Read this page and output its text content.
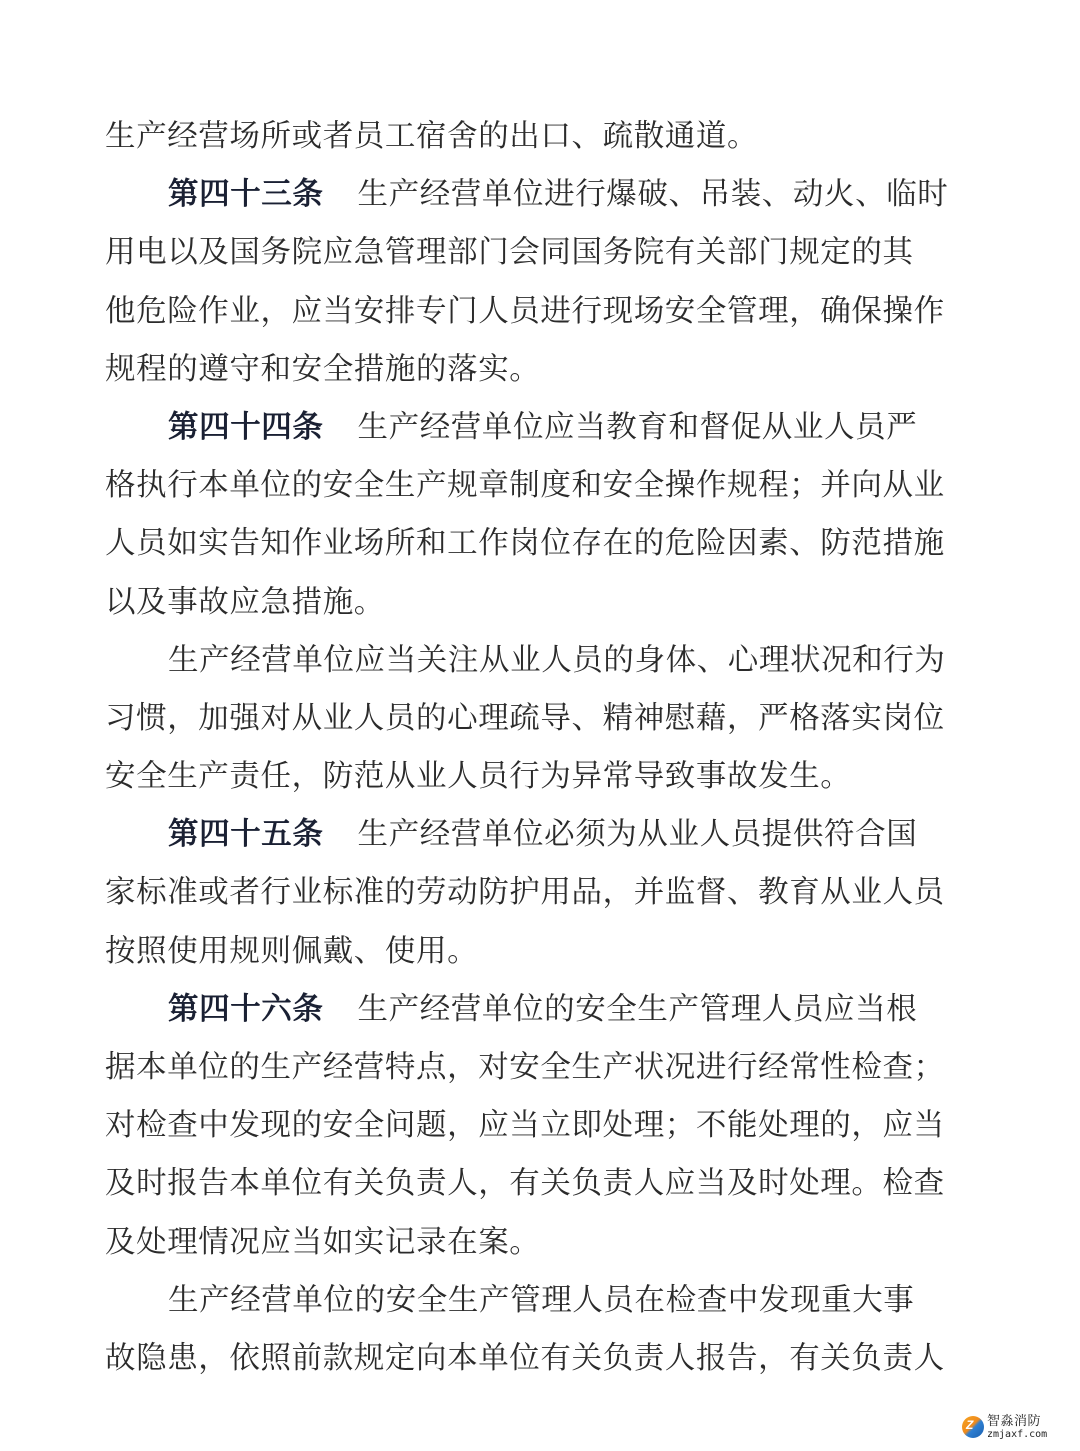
生产经营场所或者员工宿舍的出口、疏散通道。
第四十三条 生产经营单位进行爆破、吊装、动火、临时
用电以及国务院应急管理部门会同国务院有关部门规定的其
他危险作业，应当安排专门人员进行现场安全管理，确保操作
规程的遵守和安全措施的落实。
第四十四条 生产经营单位应当教育和督促从业人员严
格执行本单位的安全生产规章制度和安全操作规程；并向从业
人员如实告知作业场所和工作岗位存在的危险因素、防范措施
以及事故应急措施。
生产经营单位应当关注从业人员的身体、心理状况和行为
习惯，加强对从业人员的心理疏导、精神慰藉，严格落实岗位
安全生产责任，防范从业人员行为异常导致事故发生。
第四十五条 生产经营单位必须为从业人员提供符合国
家标准或者行业标准的劳动防护用品，并监督、教育从业人员
按照使用规则佩戴、使用。
第四十六条 生产经营单位的安全生产管理人员应当根
据本单位的生产经营特点，对安全生产状况进行经常性检查；
对检查中发现的安全问题，应当立即处理；不能处理的，应当
及时报告本单位有关负责人，有关负责人应当及时处理。检查
及处理情况应当如实记录在案。
生产经营单位的安全生产管理人员在检查中发现重大事
故隐患，依照前款规定向本单位有关负责人报告，有关负责人
Z 智淼消防
zmjaxf.com
